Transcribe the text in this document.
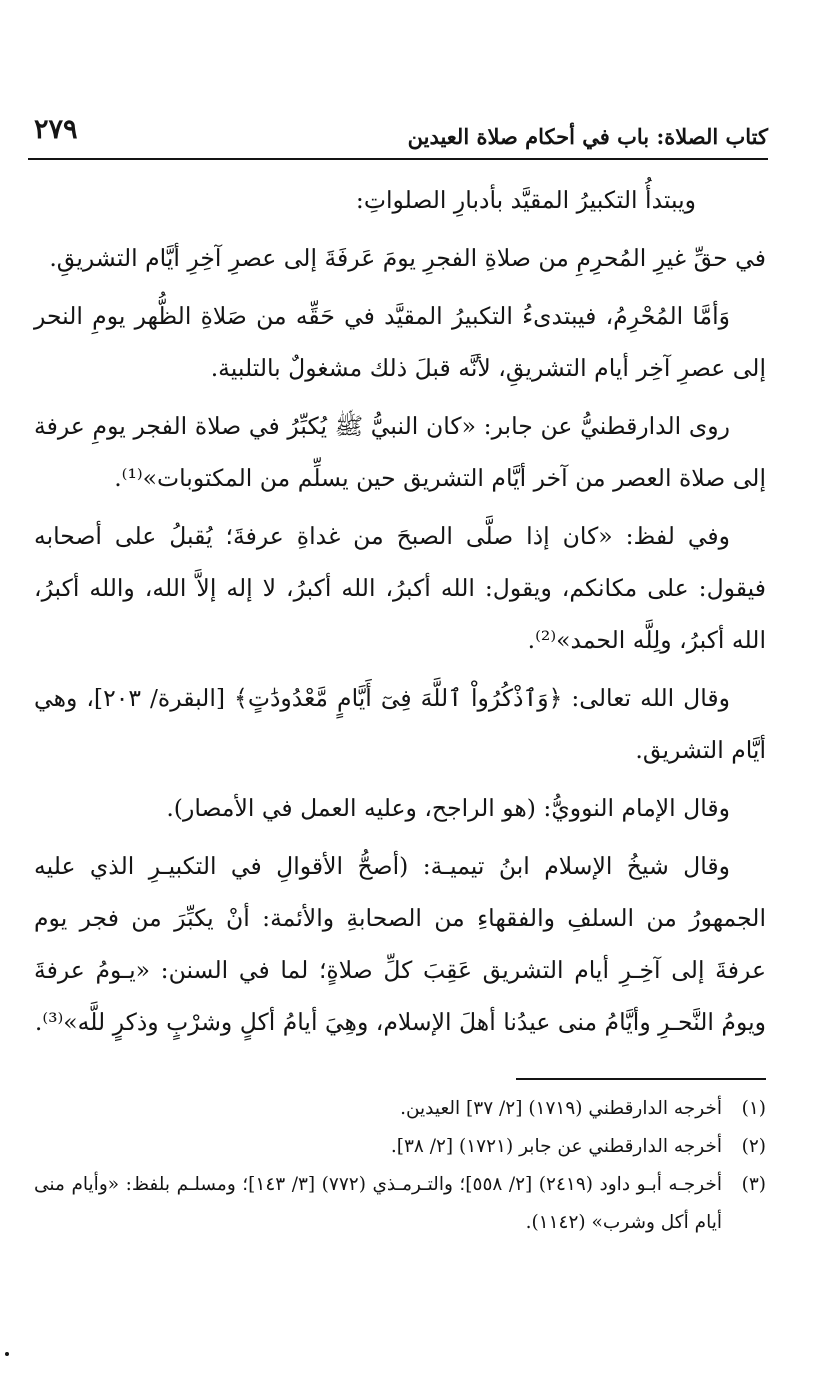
كتاب الصلاة: باب في أحكام صلاة العيدين
٢٧٩

ويبتدأُ التكبيرُ المقيَّد بأدبارِ الصلواتِ:

في حقِّ غيرِ المُحرِمِ من صلاةِ الفجرِ يومَ عَرفَةَ إلى عصرِ آخِرِ أيَّام التشريقِ.

وَأمَّا المُحْرِمُ، فيبتدىءُ التكبيرُ المقيَّد في حَقِّه من صَلاةِ الظُّهر يومِ النحر إلى عصرِ آخِر أيام التشريقِ، لأنَّه قبلَ ذلك مشغولٌ بالتلبية.

روى الدارقطنيُّ عن جابر: «كان النبيُّ ﷺ يُكبِّرُ في صلاة الفجر يومِ عرفة إلى صلاة العصر من آخر أيَّام التشريق حين يسلِّم من المكتوبات»⁽¹⁾.

وفي لفظ: «كان إذا صلَّى الصبحَ من غداةِ عرفةَ؛ يُقبلُ على أصحابه فيقول: على مكانكم، ويقول: الله أكبرُ، الله أكبرُ، لا إله إلاَّ الله، والله أكبرُ، الله أكبرُ، ولِلَّه الحمد»⁽²⁾.

وقال الله تعالى: ﴿وَٱذْكُرُواْ ٱللَّهَ فِىٓ أَيَّامٍ مَّعْدُودَٰتٍ﴾ [البقرة/ ٢٠٣]، وهي أيَّام التشريق.

وقال الإمام النوويُّ: (هو الراجح، وعليه العمل في الأمصار).

وقال شيخُ الإسلام ابنُ تيميـة: (أصحُّ الأقوالِ في التكبيـرِ الذي عليه الجمهورُ من السلفِ والفقهاءِ من الصحابةِ والأئمة: أنْ يكبِّرَ من فجر يوم عرفةَ إلى آخِـرِ أيام التشريق عَقِبَ كلِّ صلاةٍ؛ لما في السنن: «يـومُ عرفةَ ويومُ النَّحـرِ وأيَّامُ منى عيدُنا أهلَ الإسلام، وهِيَ أيامُ أكلٍ وشرْبٍ وذكرٍ للَّه»⁽³⁾.

(١)
أخرجه الدارقطني (١٧١٩) [٢/ ٣٧] العيدين.
(٢)
أخرجه الدارقطني عن جابر (١٧٢١) [٢/ ٣٨].
(٣)
أخرجـه أبـو داود (٢٤١٩) [٢/ ٥٥٨]؛ والتـرمـذي (٧٧٢) [٣/ ١٤٣]؛ ومسلـم بلفظ: «وأيام منى أيام أكل وشرب» (١١٤٢).
